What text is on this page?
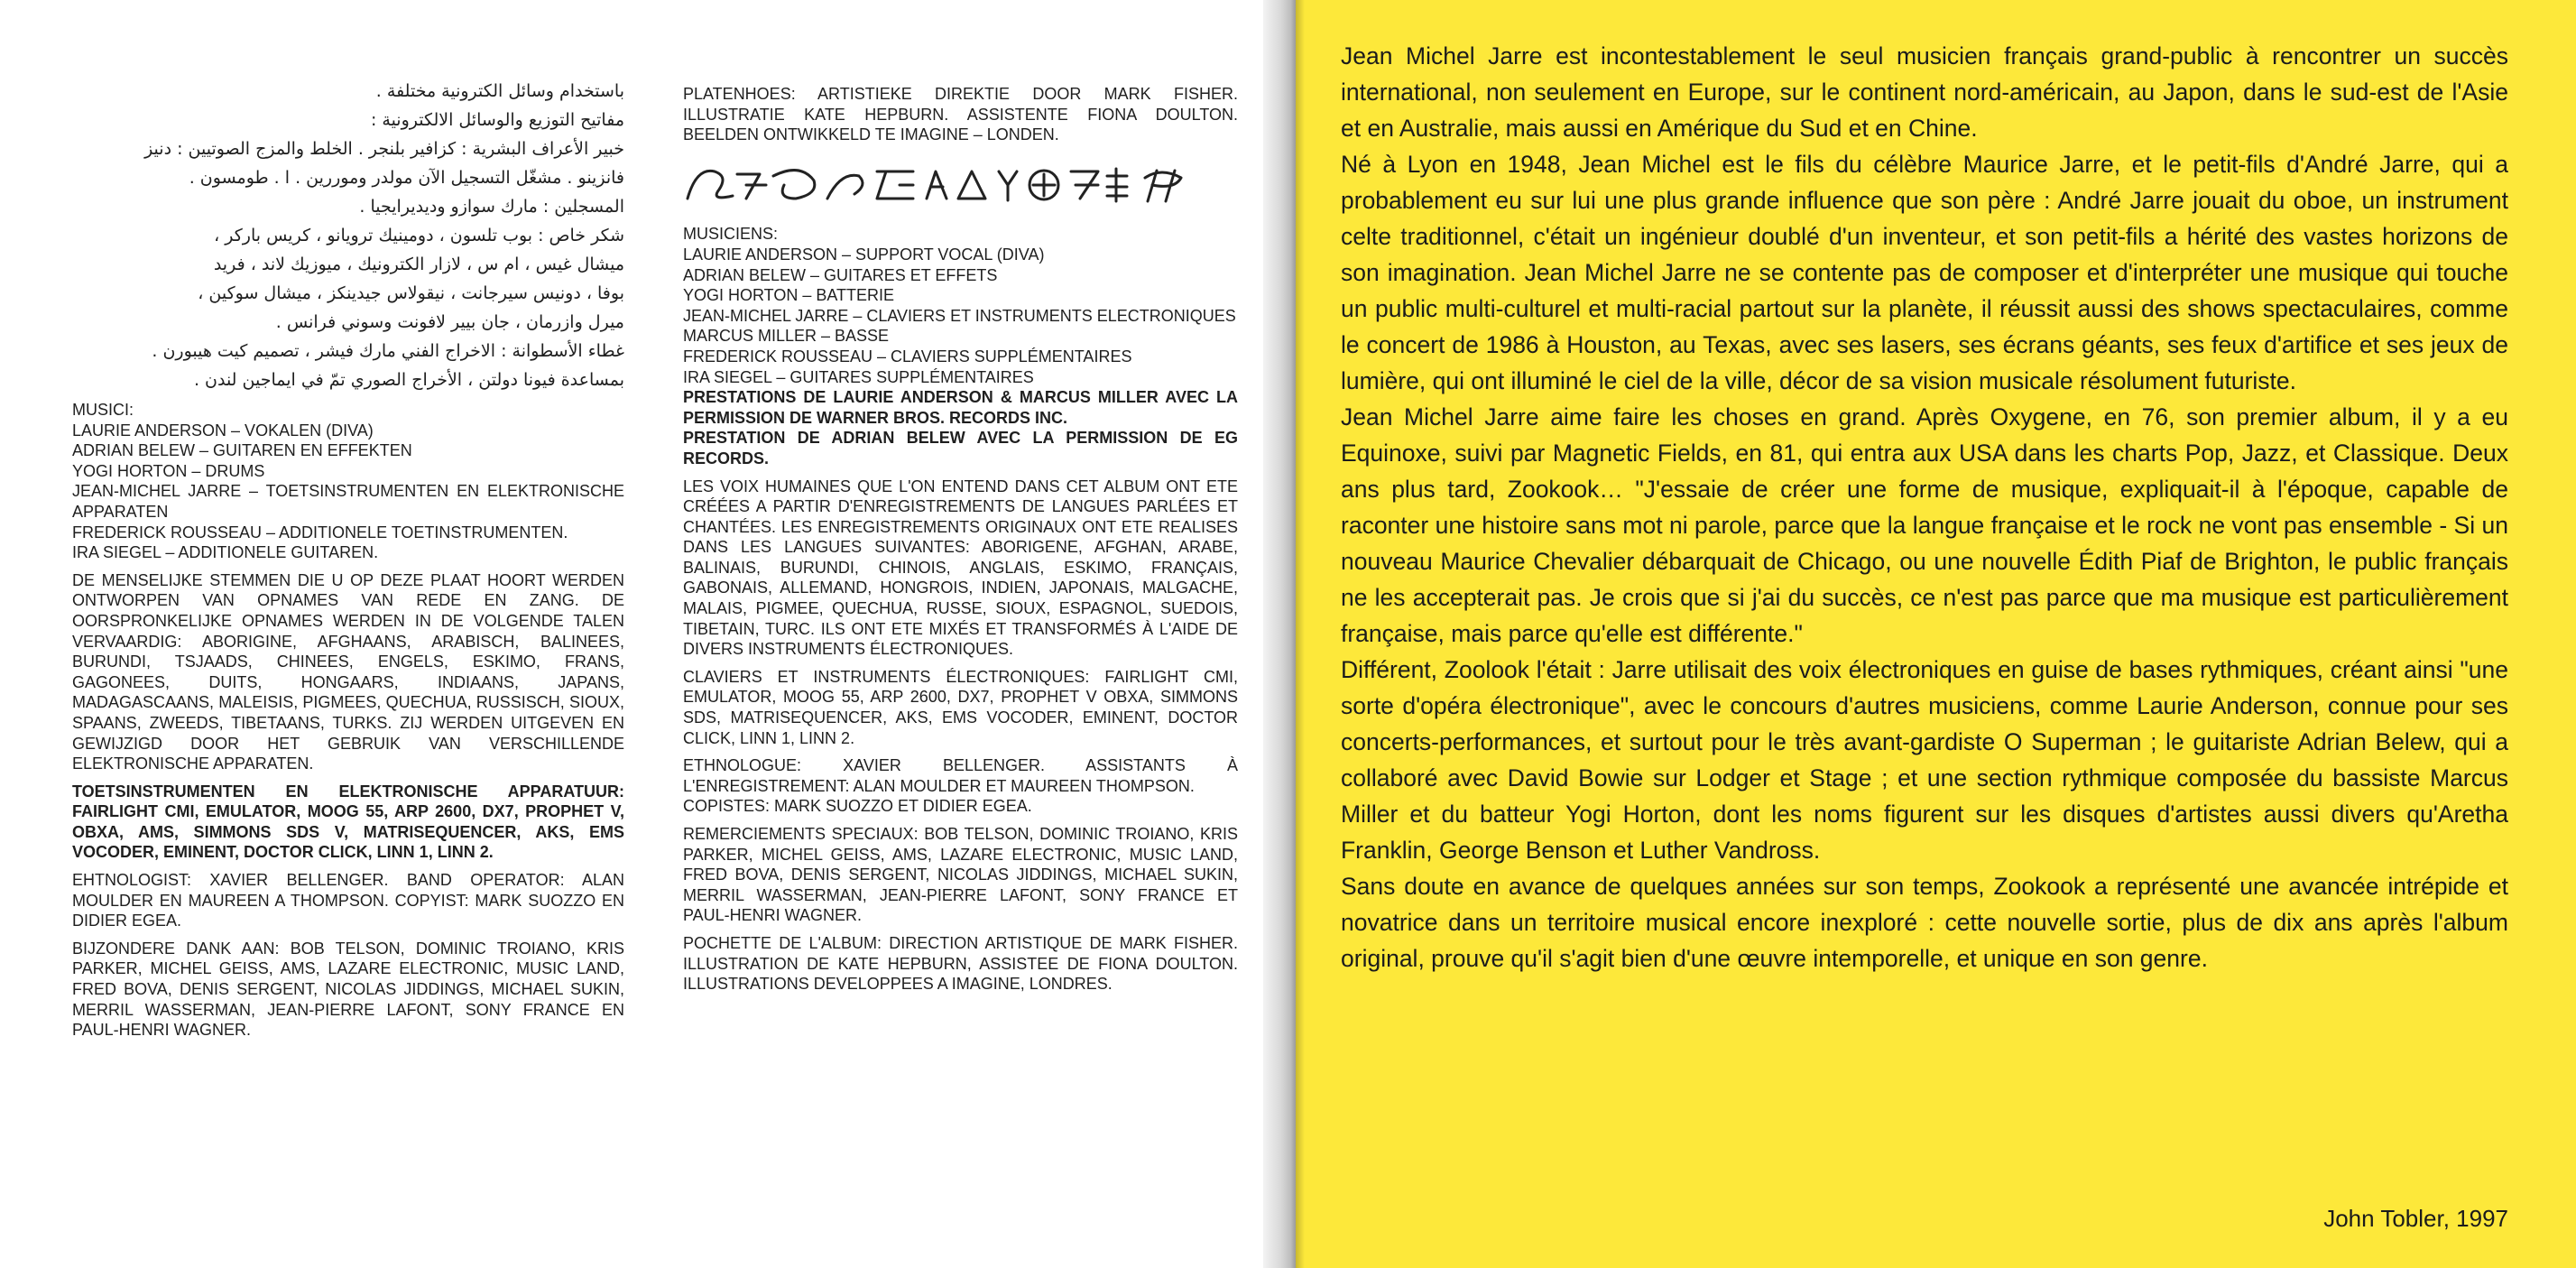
باستخدام وسائل الكترونية مختلفة .
مفاتيح التوزيع والوسائل الالكترونية :
خبير الأعراف البشرية : كزافير بلنجر . الخلط والمزج الصوتيين : دنيز
فانزينو . مشغّل التسجيل الآن مولدر وموررين . ا . طومسون .
المسجلين : مارك سوازو وديديرايجيا .
شكر خاص : بوب تلسون ، دومينيك ترويانو ، كريس باركر ،
ميشال غيس ، ام س ، لازار الكترونيك ، ميوزيك لاند ، فريد
بوفا ، دونيس سيرجانت ، نيقولاس جيدينكز ، ميشال سوكين ،
ميرل وازرمان ، جان بيير لافونت وسوني فرانس .
غطاء الأسطوانة : الاخراج الفني مارك فيشر ، تصميم كيت هيبورن .
بمساعدة فيونا دولتن ، الأخراج الصوري تمّ في ايماجين لندن .

MUSICI:

LAURIE ANDERSON – VOKALEN (DIVA)

ADRIAN BELEW – GUITAREN EN EFFEKTEN

YOGI HORTON – DRUMS

JEAN-MICHEL JARRE – TOETSINSTRUMENTEN EN ELEKTRONISCHE APPARATEN

FREDERICK ROUSSEAU – ADDITIONELE TOETINSTRUMENTEN.

IRA SIEGEL – ADDITIONELE GUITAREN.

DE MENSELIJKE STEMMEN DIE U OP DEZE PLAAT HOORT WERDEN ONTWORPEN VAN OPNAMES VAN REDE EN ZANG. DE OORSPRONKELIJKE OPNAMES WERDEN IN DE VOLGENDE TALEN VERVAARDIG: ABORIGINE, AFGHAANS, ARABISCH, BALINEES, BURUNDI, TSJAADS, CHINEES, ENGELS, ESKIMO, FRANS, GAGONEES, DUITS, HONGAARS, INDIAANS, JAPANS, MADAGASCAANS, MALEISIS, PIGMEES, QUECHUA, RUSSISCH, SIOUX, SPAANS, ZWEEDS, TIBETAANS, TURKS. ZIJ WERDEN UITGEVEN EN GEWIJZIGD DOOR HET GEBRUIK VAN VERSCHILLENDE ELEKTRONISCHE APPARATEN.

TOETSINSTRUMENTEN EN ELEKTRONISCHE APPARATUUR: FAIRLIGHT CMI, EMULATOR, MOOG 55, ARP 2600, DX7, PROPHET V, OBXA, AMS, SIMMONS SDS V, MATRISEQUENCER, AKS, EMS VOCODER, EMINENT, DOCTOR CLICK, LINN 1, LINN 2.

EHTNOLOGIST: XAVIER BELLENGER. BAND OPERATOR: ALAN MOULDER EN MAUREEN A THOMPSON. COPYIST: MARK SUOZZO EN DIDIER EGEA.

BIJZONDERE DANK AAN: BOB TELSON, DOMINIC TROIANO, KRIS PARKER, MICHEL GEISS, AMS, LAZARE ELECTRONIC, MUSIC LAND, FRED BOVA, DENIS SERGENT, NICOLAS JIDDINGS, MICHAEL SUKIN, MERRIL WASSERMAN, JEAN-PIERRE LAFONT, SONY FRANCE EN PAUL-HENRI WAGNER.

PLATENHOES: ARTISTIEKE DIREKTIE DOOR MARK FISHER. ILLUSTRATIE KATE HEPBURN. ASSISTENTE FIONA DOULTON. BEELDEN ONTWIKKELD TE IMAGINE – LONDEN.

MUSICIENS:

LAURIE ANDERSON – SUPPORT VOCAL (DIVA)

ADRIAN BELEW – GUITARES ET EFFETS

YOGI HORTON – BATTERIE

JEAN-MICHEL JARRE – CLAVIERS ET INSTRUMENTS ELECTRONIQUES

MARCUS MILLER – BASSE

FREDERICK ROUSSEAU – CLAVIERS SUPPLÉMENTAIRES

IRA SIEGEL – GUITARES SUPPLÉMENTAIRES

PRESTATIONS DE LAURIE ANDERSON & MARCUS MILLER AVEC LA PERMISSION DE WARNER BROS. RECORDS INC.

PRESTATION DE ADRIAN BELEW AVEC LA PERMISSION DE EG RECORDS.

LES VOIX HUMAINES QUE L'ON ENTEND DANS CET ALBUM ONT ETE CRÉÉES A PARTIR D'ENREGISTREMENTS DE LANGUES PARLÉES ET CHANTÉES. LES ENREGISTREMENTS ORIGINAUX ONT ETE REALISES DANS LES LANGUES SUIVANTES: ABORIGENE, AFGHAN, ARABE, BALINAIS, BURUNDI, CHINOIS, ANGLAIS, ESKIMO, FRANÇAIS, GABONAIS, ALLEMAND, HONGROIS, INDIEN, JAPONAIS, MALGACHE, MALAIS, PIGMEE, QUECHUA, RUSSE, SIOUX, ESPAGNOL, SUEDOIS, TIBETAIN, TURC. ILS ONT ETE MIXÉS ET TRANSFORMÉS À L'AIDE DE DIVERS INSTRUMENTS ÉLECTRONIQUES.

CLAVIERS ET INSTRUMENTS ÉLECTRONIQUES: FAIRLIGHT CMI, EMULATOR, MOOG 55, ARP 2600, DX7, PROPHET V OBXA, SIMMONS SDS, MATRISEQUENCER, AKS, EMS VOCODER, EMINENT, DOCTOR CLICK, LINN 1, LINN 2.

ETHNOLOGUE: XAVIER BELLENGER. ASSISTANTS À L'ENREGISTREMENT: ALAN MOULDER ET MAUREEN THOMPSON.

COPISTES: MARK SUOZZO ET DIDIER EGEA.

REMERCIEMENTS SPECIAUX: BOB TELSON, DOMINIC TROIANO, KRIS PARKER, MICHEL GEISS, AMS, LAZARE ELECTRONIC, MUSIC LAND, FRED BOVA, DENIS SERGENT, NICOLAS JIDDINGS, MICHAEL SUKIN, MERRIL WASSERMAN, JEAN-PIERRE LAFONT, SONY FRANCE ET PAUL-HENRI WAGNER.

POCHETTE DE L'ALBUM: DIRECTION ARTISTIQUE DE MARK FISHER. ILLUSTRATION DE KATE HEPBURN, ASSISTEE DE FIONA DOULTON. ILLUSTRATIONS DEVELOPPEES A IMAGINE, LONDRES.

Jean Michel Jarre est incontestablement le seul musicien français grand-public à rencontrer un succès international, non seulement en Europe, sur le continent nord-américain, au Japon, dans le sud-est de l'Asie et en Australie, mais aussi en Amérique du Sud et en Chine.

Né à Lyon en 1948, Jean Michel est le fils du célèbre Maurice Jarre, et le petit-fils d'André Jarre, qui a probablement eu sur lui une plus grande influence que son père : André Jarre jouait du oboe, un instrument celte traditionnel, c'était un ingénieur doublé d'un inventeur, et son petit-fils a hérité des vastes horizons de son imagination. Jean Michel Jarre ne se contente pas de composer et d'interpréter une musique qui touche un public multi-culturel et multi-racial partout sur la planète, il réussit aussi des shows spectaculaires, comme le concert de 1986 à Houston, au Texas, avec ses lasers, ses écrans géants, ses feux d'artifice et ses jeux de lumière, qui ont illuminé le ciel de la ville, décor de sa vision musicale résolument futuriste.

Jean Michel Jarre aime faire les choses en grand. Après Oxygene, en 76, son premier album, il y a eu Equinoxe, suivi par Magnetic Fields, en 81, qui entra aux USA dans les charts Pop, Jazz, et Classique. Deux ans plus tard, Zookook… "J'essaie de créer une forme de musique, expliquait-il à l'époque, capable de raconter une histoire sans mot ni parole, parce que la langue française et le rock ne vont pas ensemble - Si un nouveau Maurice Chevalier débarquait de Chicago, ou une nouvelle Édith Piaf de Brighton, le public français ne les accepterait pas. Je crois que si j'ai du succès, ce n'est pas parce que ma musique est particulièrement française, mais parce qu'elle est différente."

Différent, Zoolook l'était : Jarre utilisait des voix électroniques en guise de bases rythmiques, créant ainsi "une sorte d'opéra électronique", avec le concours d'autres musiciens, comme Laurie Anderson, connue pour ses concerts-performances, et surtout pour le très avant-gardiste O Superman ; le guitariste Adrian Belew, qui a collaboré avec David Bowie sur Lodger et Stage ; et une section rythmique composée du bassiste Marcus Miller et du batteur Yogi Horton, dont les noms figurent sur les disques d'artistes aussi divers qu'Aretha Franklin, George Benson et Luther Vandross.

Sans doute en avance de quelques années sur son temps, Zookook a représenté une avancée intrépide et novatrice dans un territoire musical encore inexploré : cette nouvelle sortie, plus de dix ans après l'album original, prouve qu'il s'agit bien d'une œuvre intemporelle, et unique en son genre.

John Tobler, 1997
